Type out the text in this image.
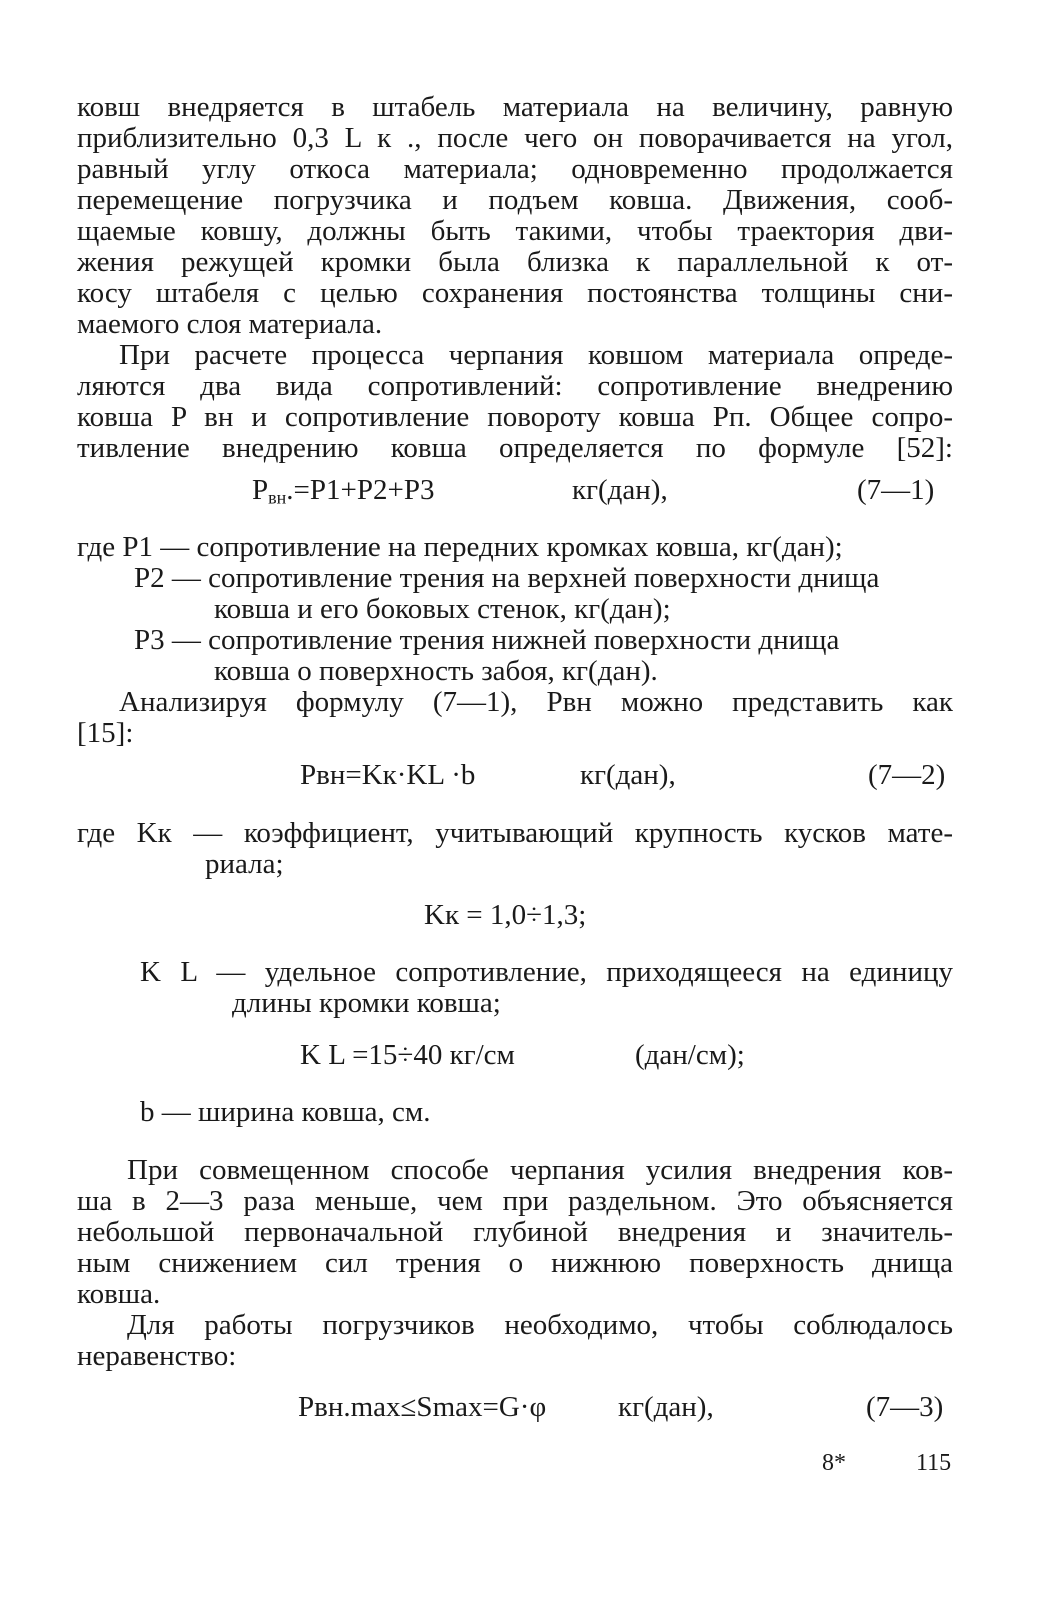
ковш внедряется в штабель материала на величину, равную
приблизительно 0,3 L к ., после чего он поворачивается на угол,
равный углу откоса материала; одновременно продолжается
перемещение погрузчика и подъем ковша. Движения, сооб-
щаемые ковшу, должны быть такими, чтобы траектория дви-
жения режущей кромки была близка к параллельной к от-
косу штабеля с целью сохранения постоянства толщины сни-
маемого слоя материала.
При расчете процесса черпания ковшом материала опреде-
ляются два вида сопротивлений: сопротивление внедрению
ковша P вн и сопротивление повороту ковша Pп. Общее сопро-
тивление внедрению ковша определяется по формуле [52]:
$P_{вн}.=P1+P2+P3$	кг(дан),	(7—1)
где P1 — сопротивление на передних кромках ковша, кг(дан);
P2 — сопротивление трения на верхней поверхности днища
ковша и его боковых стенок, кг(дан);
P3 — сопротивление трения нижней поверхности днища
ковша о поверхность забоя, кг(дан).
Анализируя формулу (7—1), Pвн можно представить как
[15]:
Pвн=Kк·KL ·b	кг(дан),	(7—2)
где Kк — коэффициент, учитывающий крупность кусков мате-
риала;
Kк = 1,0÷1,3;
K L — удельное сопротивление, приходящееся на единицу
длины кромки ковша;
K L =15÷40 кг/см	(дан/см);
b — ширина ковша, см.
При совмещенном способе черпания усилия внедрения ков-
ша в 2—3 раза меньше, чем при раздельном. Это объясняется
небольшой первоначальной глубиной внедрения и значитель-
ным снижением сил трения о нижнюю поверхность днища
ковша.
Для работы погрузчиков необходимо, чтобы соблюдалось
неравенство:
Pвн.max≤Smax=G·φ кг(дан),	(7—3)
8*	115
